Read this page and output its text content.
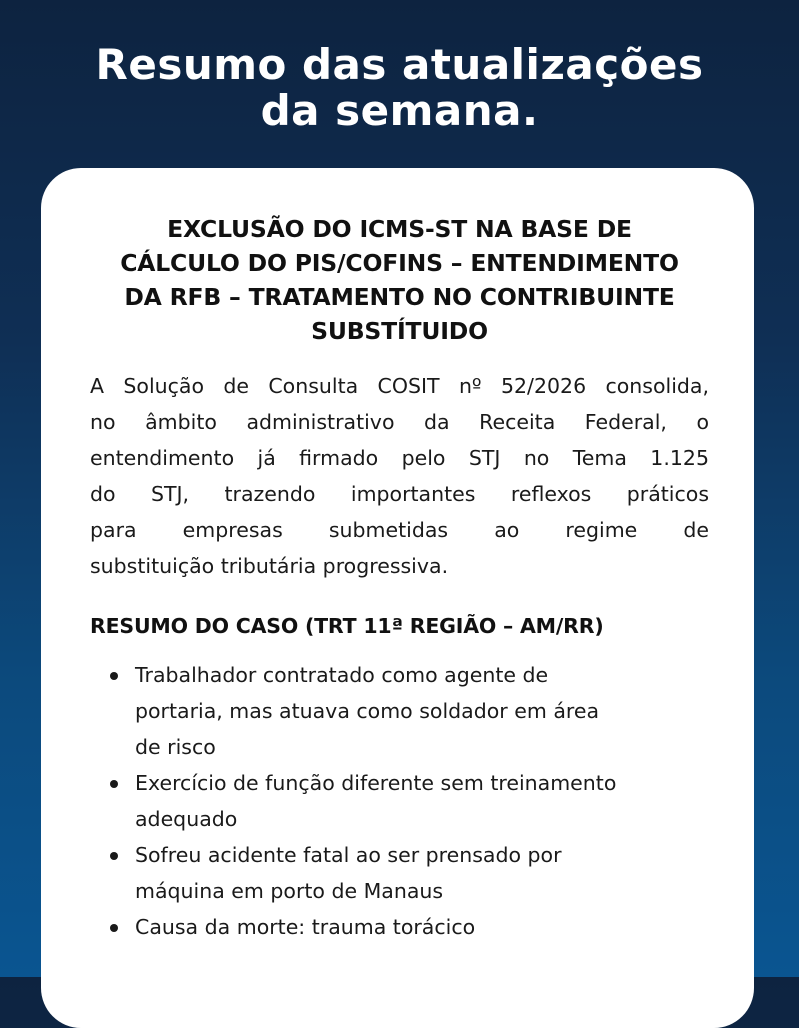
Resumo das atualizações
da semana.
EXCLUSÃO DO ICMS-ST NA BASE DE
CÁLCULO DO PIS/COFINS – ENTENDIMENTO
DA RFB – TRATAMENTO NO CONTRIBUINTE
SUBSTÍTUIDO

A Solução de Consulta COSIT nº 52/2026 consolida,
no âmbito administrativo da Receita Federal, o
entendimento já firmado pelo STJ no Tema 1.125
do STJ, trazendo importantes reflexos práticos
para empresas submetidas ao regime de
substituição tributária progressiva.

RESUMO DO CASO (TRT 11ª REGIÃO – AM/RR)
Trabalhador contratado como agente de
portaria, mas atuava como soldador em área
de risco
Exercício de função diferente sem treinamento
adequado
Sofreu acidente fatal ao ser prensado por
máquina em porto de Manaus
Causa da morte: trauma torácico
